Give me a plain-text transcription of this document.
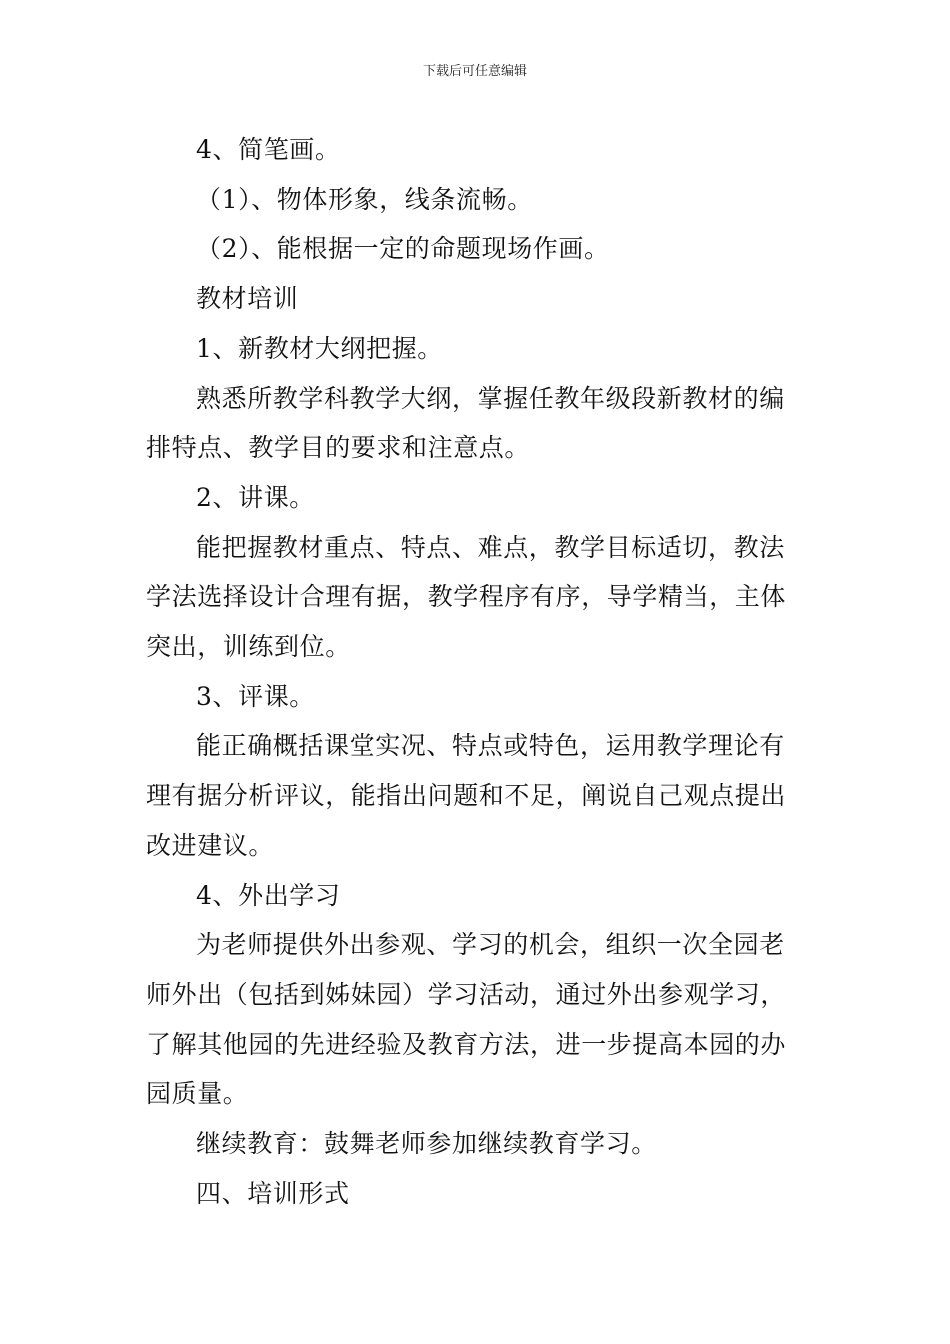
下载后可任意编辑

4、简笔画。

（1）、物体形象，线条流畅。

（2）、能根据一定的命题现场作画。

教材培训

1、新教材大纲把握。

熟悉所教学科教学大纲，掌握任教年级段新教材的编排特点、教学目的要求和注意点。

2、讲课。

能把握教材重点、特点、难点，教学目标适切，教法学法选择设计合理有据，教学程序有序，导学精当，主体突出，训练到位。

3、评课。

能正确概括课堂实况、特点或特色，运用教学理论有理有据分析评议，能指出问题和不足，阐说自己观点提出改进建议。

4、外出学习

为老师提供外出参观、学习的机会，组织一次全园老师外出（包括到姊妹园）学习活动，通过外出参观学习，了解其他园的先进经验及教育方法，进一步提高本园的办园质量。

继续教育：鼓舞老师参加继续教育学习。

四、培训形式
